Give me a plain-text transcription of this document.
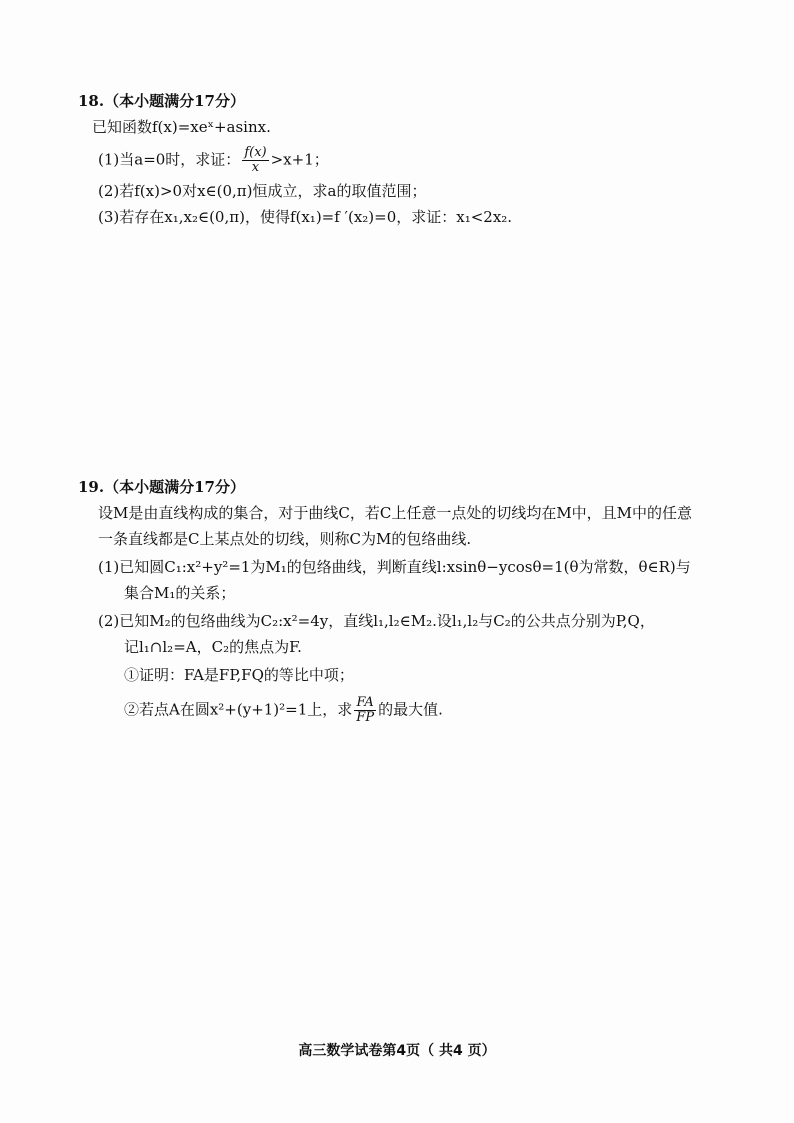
18.（本小题满分17分）
已知函数f(x)=xeˣ+asinx.
(1)当a=0时，求证： $\frac{f(x)}{x} >x+1$；
(2)若f(x)>0对x∈(0,π)恒成立，求a的取值范围；
(3)若存在x₁,x₂∈(0,π)，使得f(x₁)=f ′(x₂)=0，求证：x₁<2x₂.
19.（本小题满分17分）
设M是由直线构成的集合，对于曲线C，若C上任意一点处的切线均在M中，且M中的任意
一条直线都是C上某点处的切线，则称C为M的包络曲线.
(1)已知圆C₁:x²+y²=1为M₁的包络曲线，判断直线l:xsinθ−ycosθ=1(θ为常数，θ∈R)与
集合M₁的关系；
(2)已知M₂的包络曲线为C₂:x²=4y，直线l₁,l₂∈M₂.设l₁,l₂与C₂的公共点分别为P,Q，
记l₁∩l₂=A，C₂的焦点为F.
①证明：FA是FP,FQ的等比中项；
②若点A在圆x²+(y+1)²=1上，求 $\frac{FA}{FP}$ 的最大值.
高三数学试卷第4页（ 共4 页）
